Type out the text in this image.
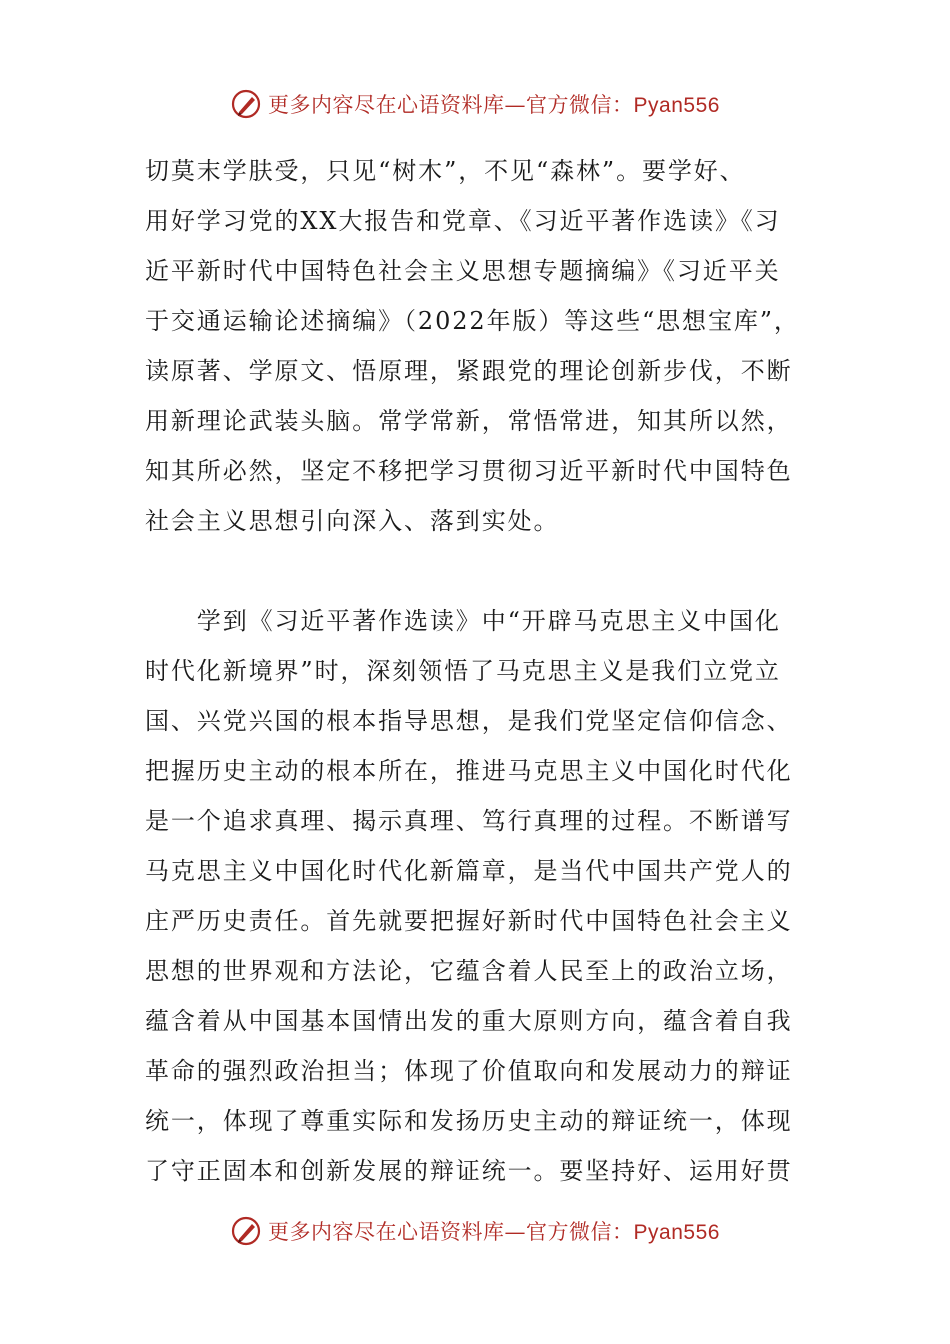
更多内容尽在心语资料库—官方微信：Pyan556

切莫末学肤受，只见“树木”，不见“森林”。要学好、
用好学习党的XX大报告和党章、《习近平著作选读》《习
近平新时代中国特色社会主义思想专题摘编》《习近平关
于交通运输论述摘编》（2022年版）等这些“思想宝库”，
读原著、学原文、悟原理，紧跟党的理论创新步伐，不断
用新理论武装头脑。常学常新，常悟常进，知其所以然，
知其所必然，坚定不移把学习贯彻习近平新时代中国特色
社会主义思想引向深入、落到实处。

　　学到《习近平著作选读》中“开辟马克思主义中国化
时代化新境界”时，深刻领悟了马克思主义是我们立党立
国、兴党兴国的根本指导思想，是我们党坚定信仰信念、
把握历史主动的根本所在，推进马克思主义中国化时代化
是一个追求真理、揭示真理、笃行真理的过程。不断谱写
马克思主义中国化时代化新篇章，是当代中国共产党人的
庄严历史责任。首先就要把握好新时代中国特色社会主义
思想的世界观和方法论，它蕴含着人民至上的政治立场，
蕴含着从中国基本国情出发的重大原则方向，蕴含着自我
革命的强烈政治担当；体现了价值取向和发展动力的辩证
统一，体现了尊重实际和发扬历史主动的辩证统一，体现
了守正固本和创新发展的辩证统一。要坚持好、运用好贯

更多内容尽在心语资料库—官方微信：Pyan556
